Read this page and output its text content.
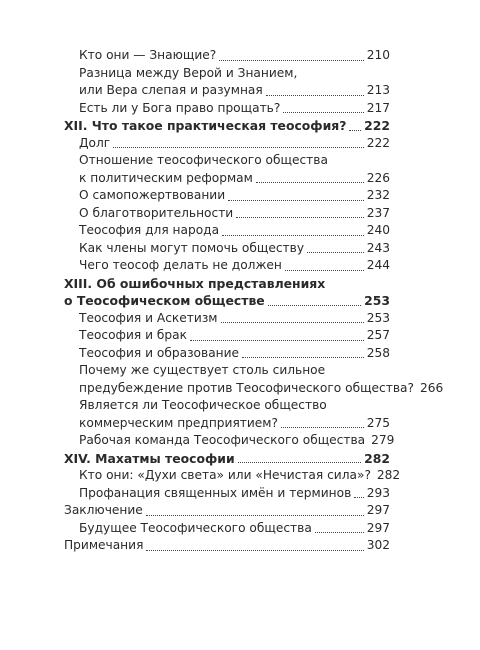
Кто они — Знающие?	210
Разница между Верой и Знанием,
или Вера слепая и разумная	213
Есть ли у Бога право прощать?	217
XII. Что такое практическая теософия? 222
Долг	222
Отношение теософического общества
к политическим реформам	226
О самопожертвовании	232
О благотворительности	237
Теософия для народа	240
Как члены могут помочь обществу	243
Чего теософ делать не должен	244
XIII. Об ошибочных представлениях
о Теософическом обществе	253
Теософия и Аскетизм	253
Теософия и брак	257
Теософия и образование	258
Почему же существует столь сильное
предубеждение против Теософического общества? 266
Является ли Теософическое общество
коммерческим предприятием?	275
Рабочая команда Теософического общества 279
XIV. Махатмы теософии	282
Кто они: «Духи света» или «Нечистая сила»? 282
Профанация священных имён и терминов 293
Заключение	297
Будущее Теософического общества	297
Примечания	302
